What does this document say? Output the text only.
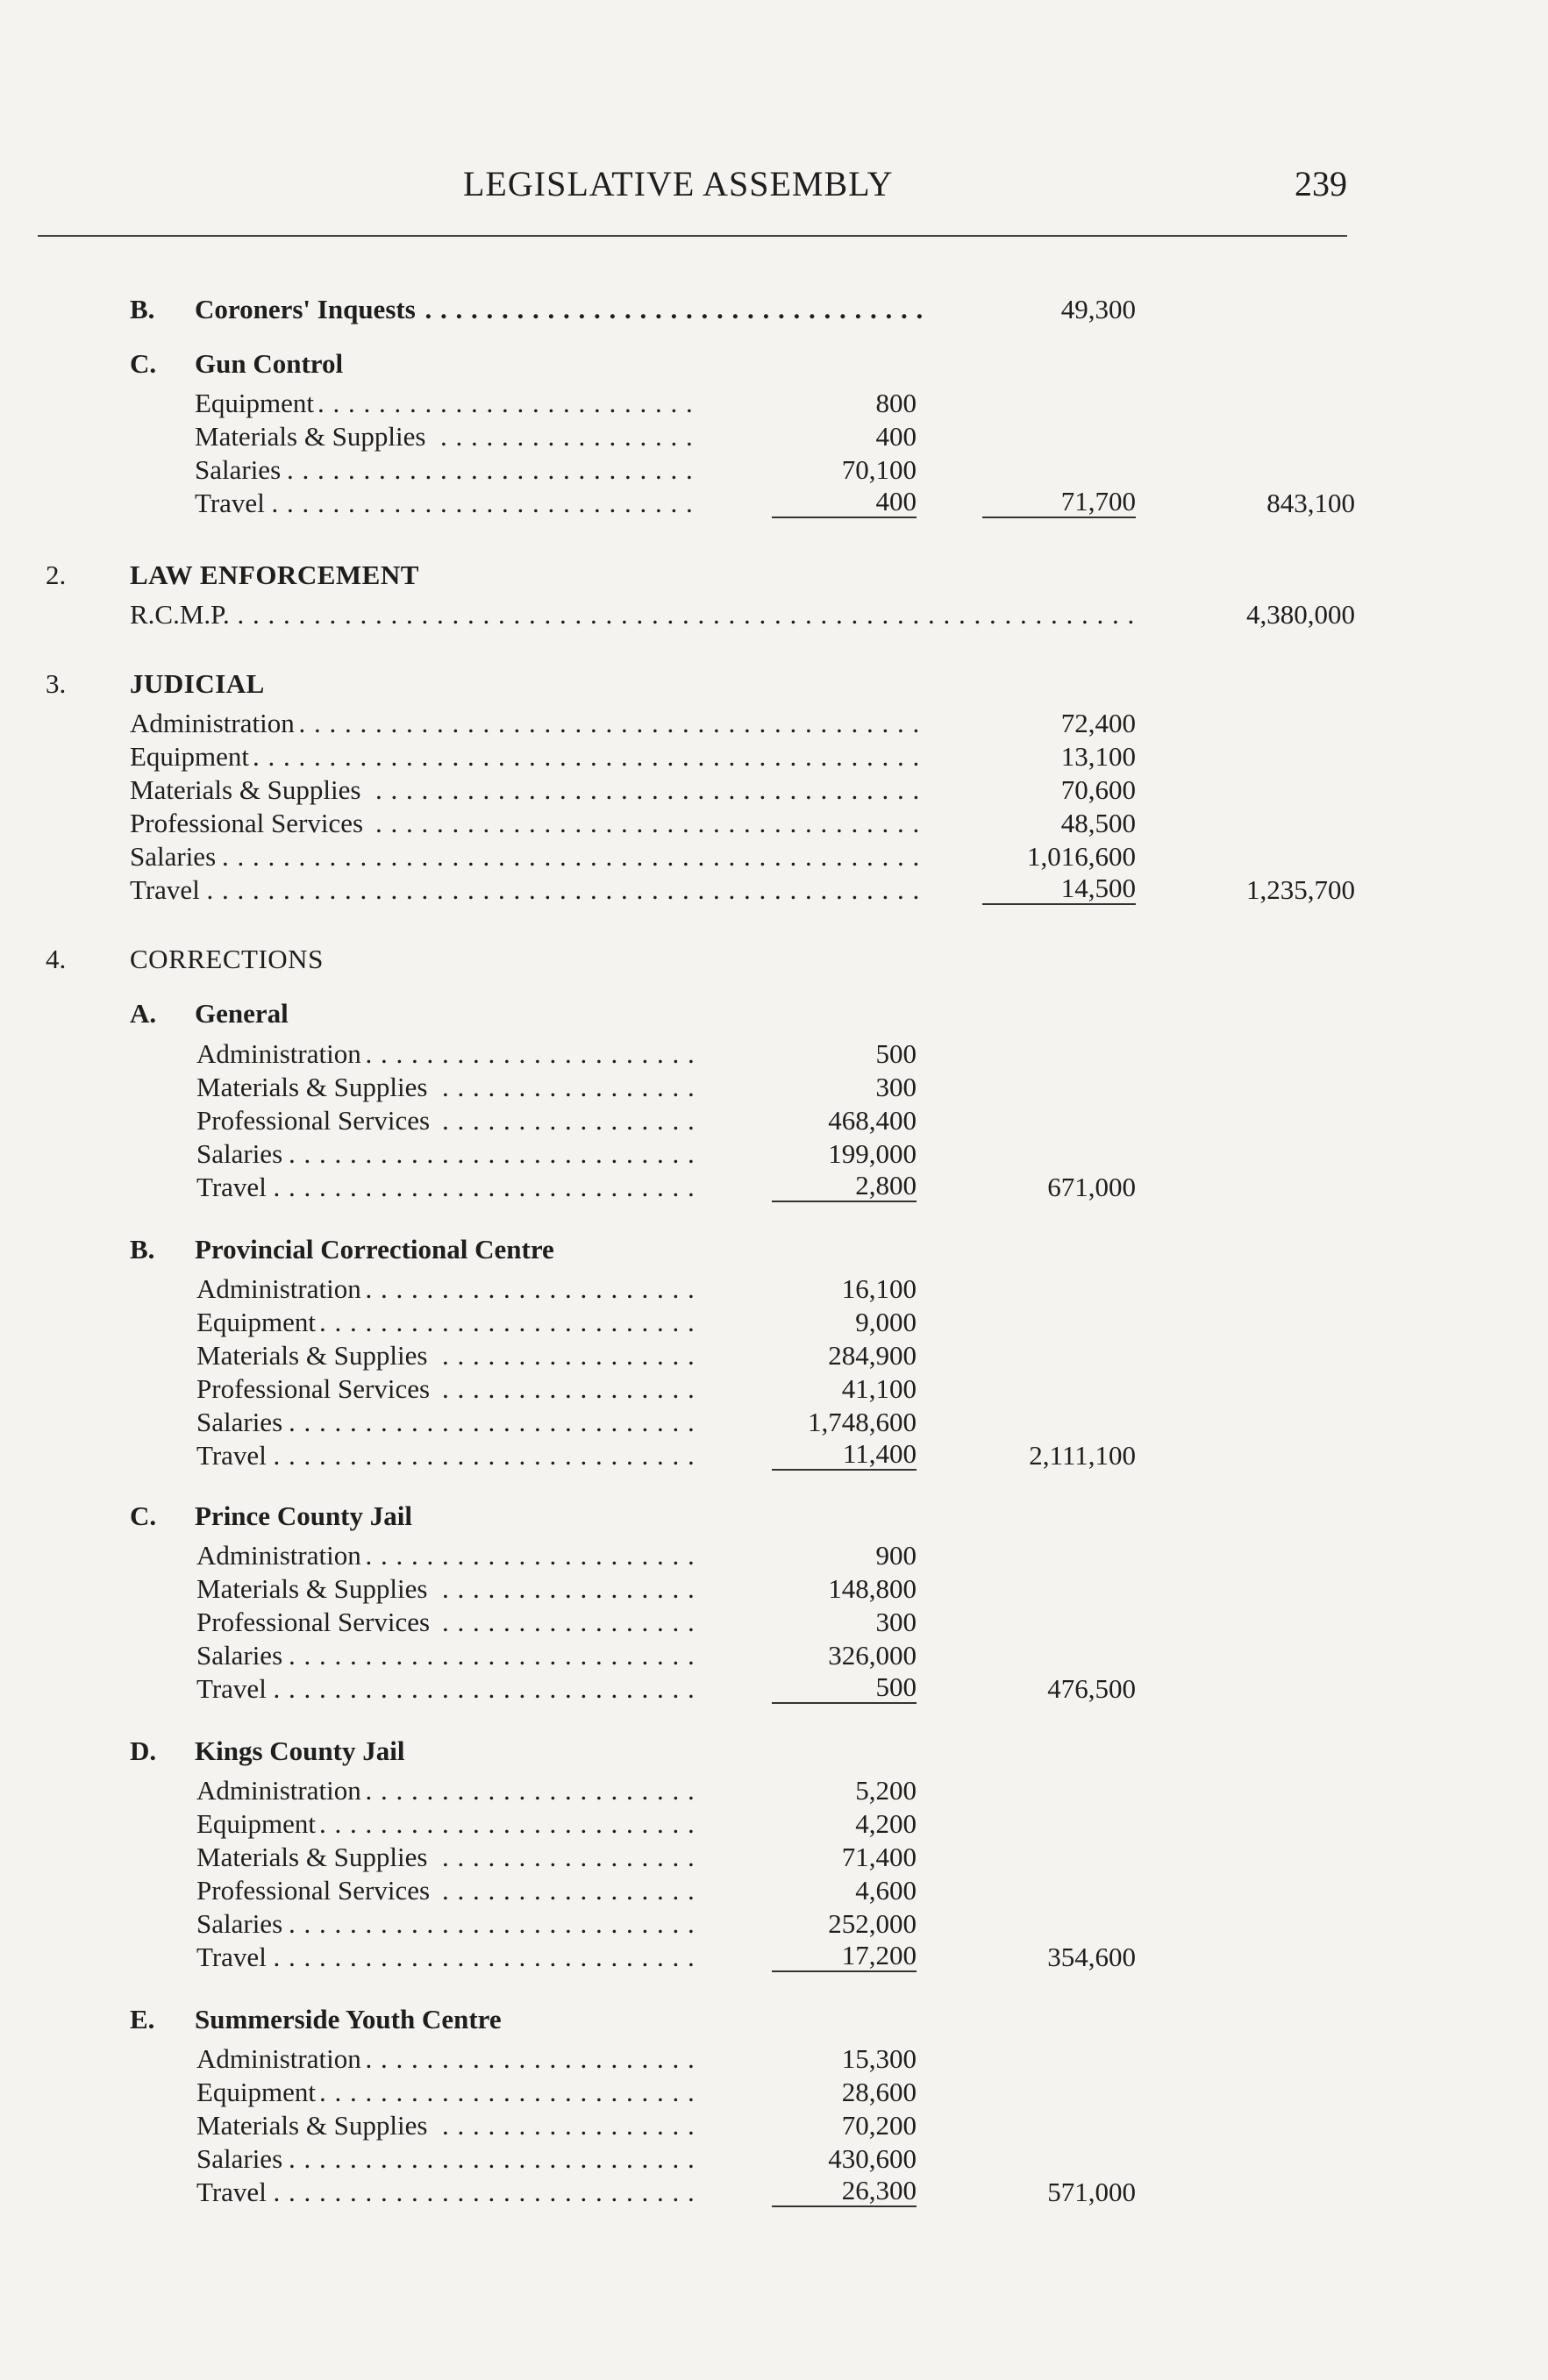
LEGISLATIVE ASSEMBLY	239
B. Coroners' Inquests . . .	49,300
C. Gun Control
Equipment . . .	800
Materials & Supplies . . .	400
Salaries . . .	70,100
Travel . . .	400	71,700	843,100
2. LAW ENFORCEMENT
R.C.M.P. . . .	4,380,000
3. JUDICIAL
Administration . . .	72,400
Equipment . . .	13,100
Materials & Supplies . . .	70,600
Professional Services . . .	48,500
Salaries . . .	1,016,600
Travel . . .	14,500	1,235,700
4. CORRECTIONS
A. General
Administration . . .	500
Materials & Supplies . . .	300
Professional Services . . .	468,400
Salaries . . .	199,000
Travel . . .	2,800	671,000
B. Provincial Correctional Centre
Administration . . .	16,100
Equipment . . .	9,000
Materials & Supplies . . .	284,900
Professional Services . . .	41,100
Salaries . . .	1,748,600
Travel . . .	11,400	2,111,100
C. Prince County Jail
Administration . . .	900
Materials & Supplies . . .	148,800
Professional Services . . .	300
Salaries . . .	326,000
Travel . . .	500	476,500
D. Kings County Jail
Administration . . .	5,200
Equipment . . .	4,200
Materials & Supplies . . .	71,400
Professional Services . . .	4,600
Salaries . . .	252,000
Travel . . .	17,200	354,600
E. Summerside Youth Centre
Administration . . .	15,300
Equipment . . .	28,600
Materials & Supplies . . .	70,200
Salaries . . .	430,600
Travel . . .	26,300	571,000
